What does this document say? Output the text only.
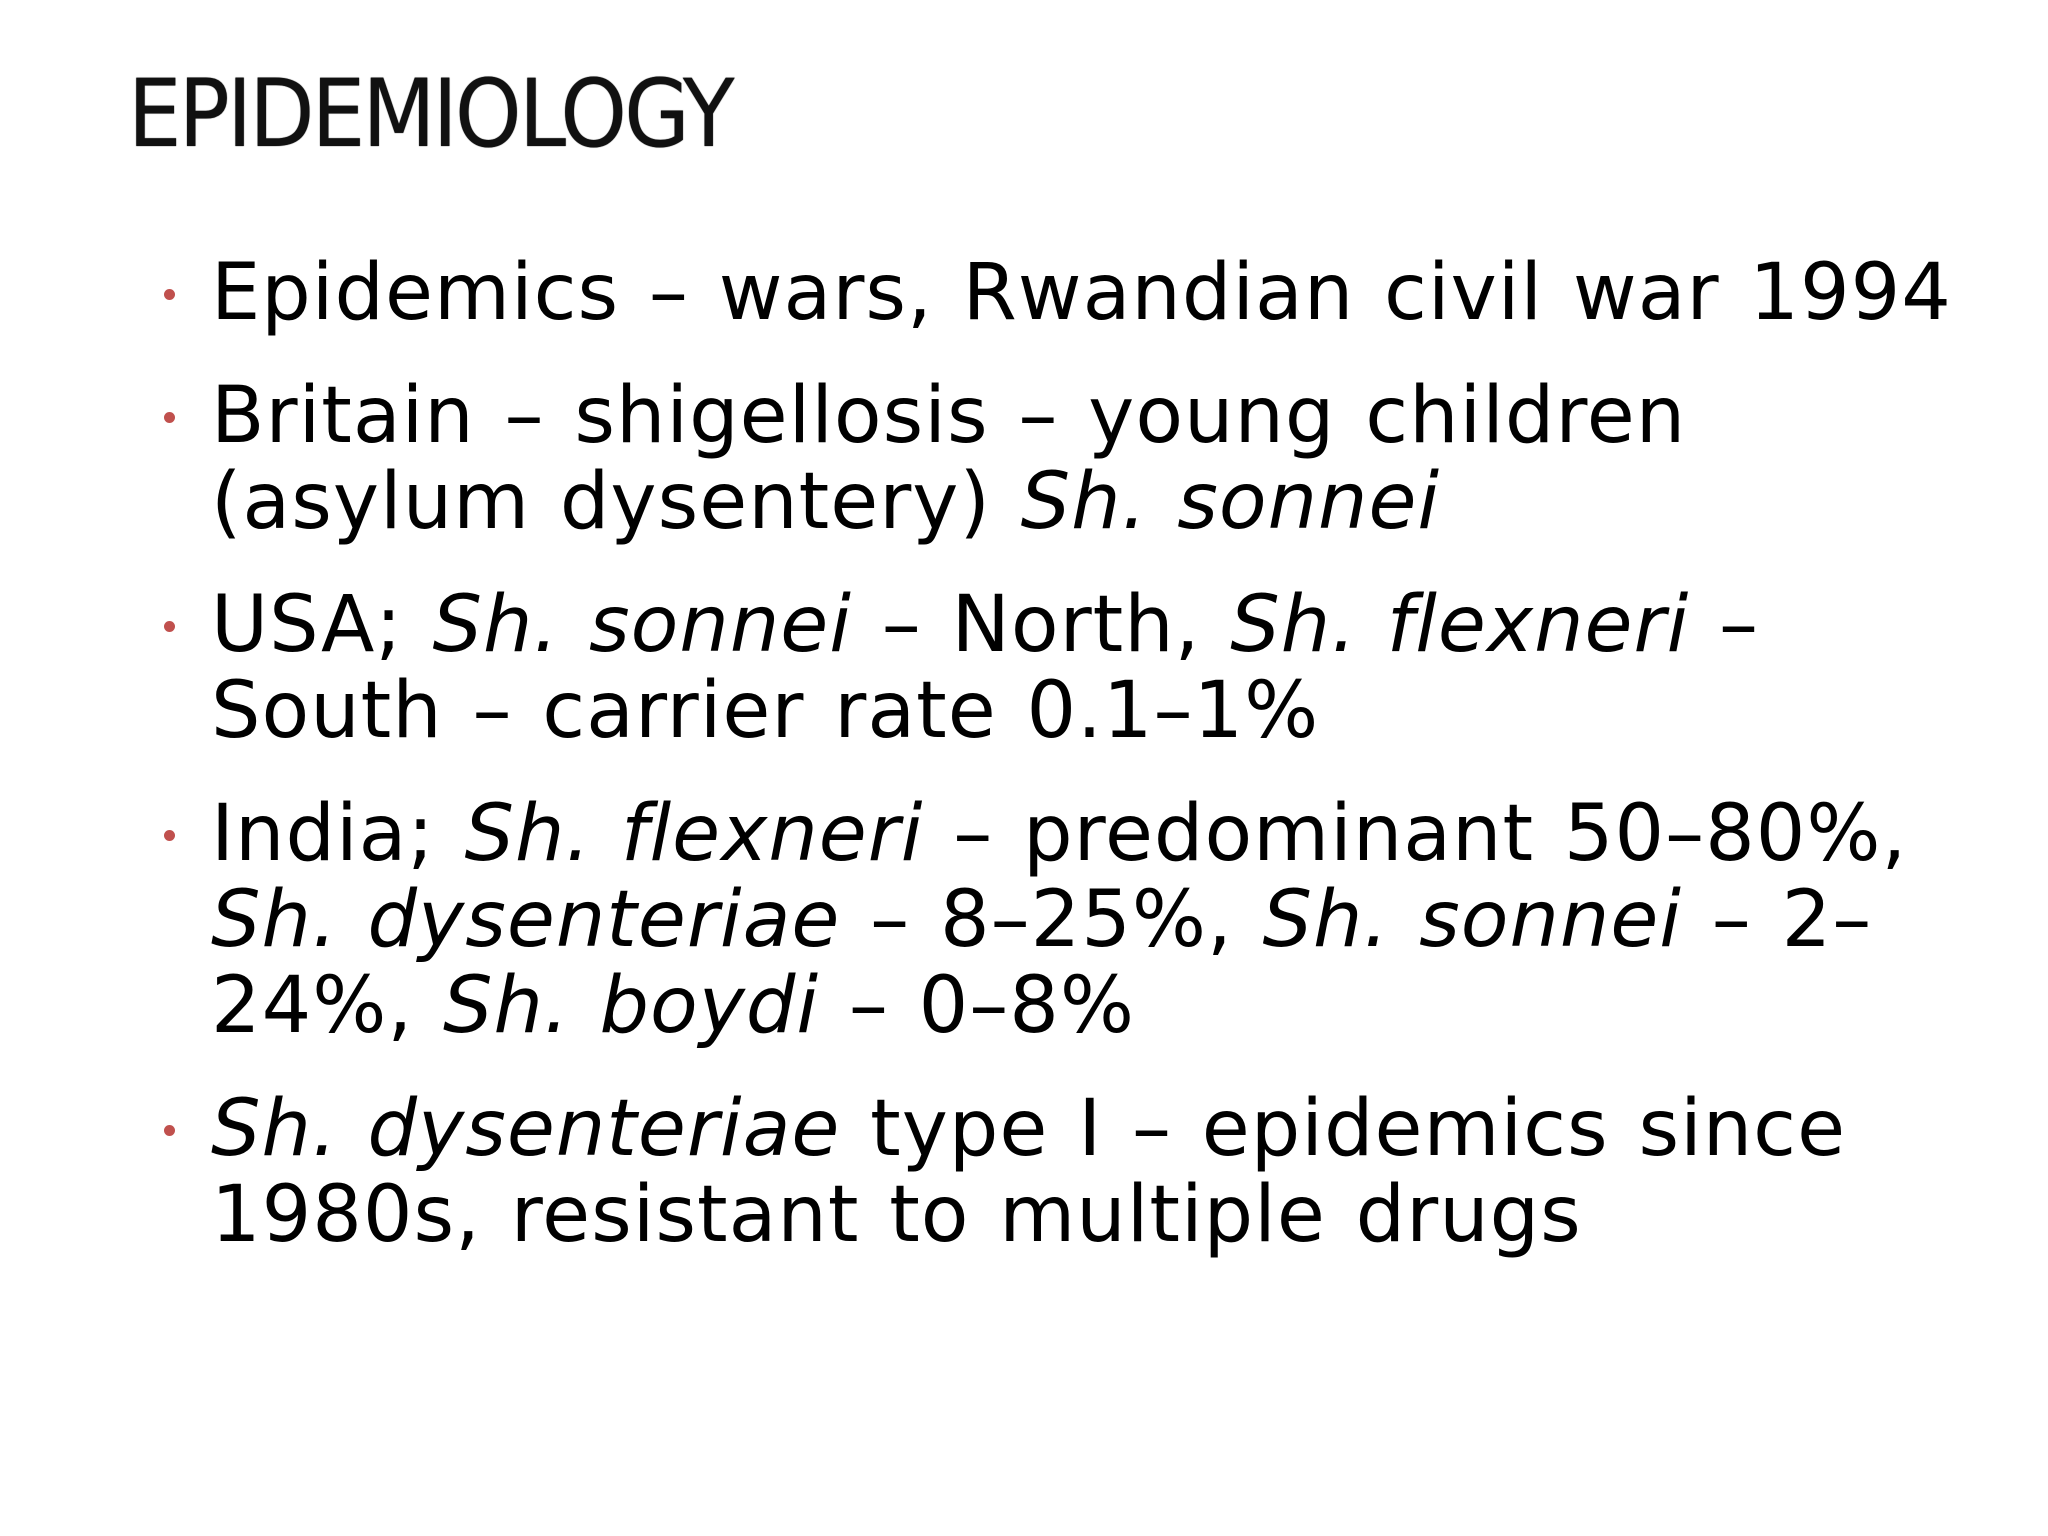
EPIDEMIOLOGY
Epidemics – wars, Rwandian civil war 1994
Britain – shigellosis – young children (asylum dysentery) Sh. sonnei
USA; Sh. sonnei – North, Sh. flexneri – South – carrier rate 0.1–1%
India; Sh. flexneri – predominant 50–80%, Sh. dysenteriae – 8–25%, Sh. sonnei – 2–24%, Sh. boydi – 0–8%
Sh. dysenteriae type I – epidemics since 1980s, resistant to multiple drugs
